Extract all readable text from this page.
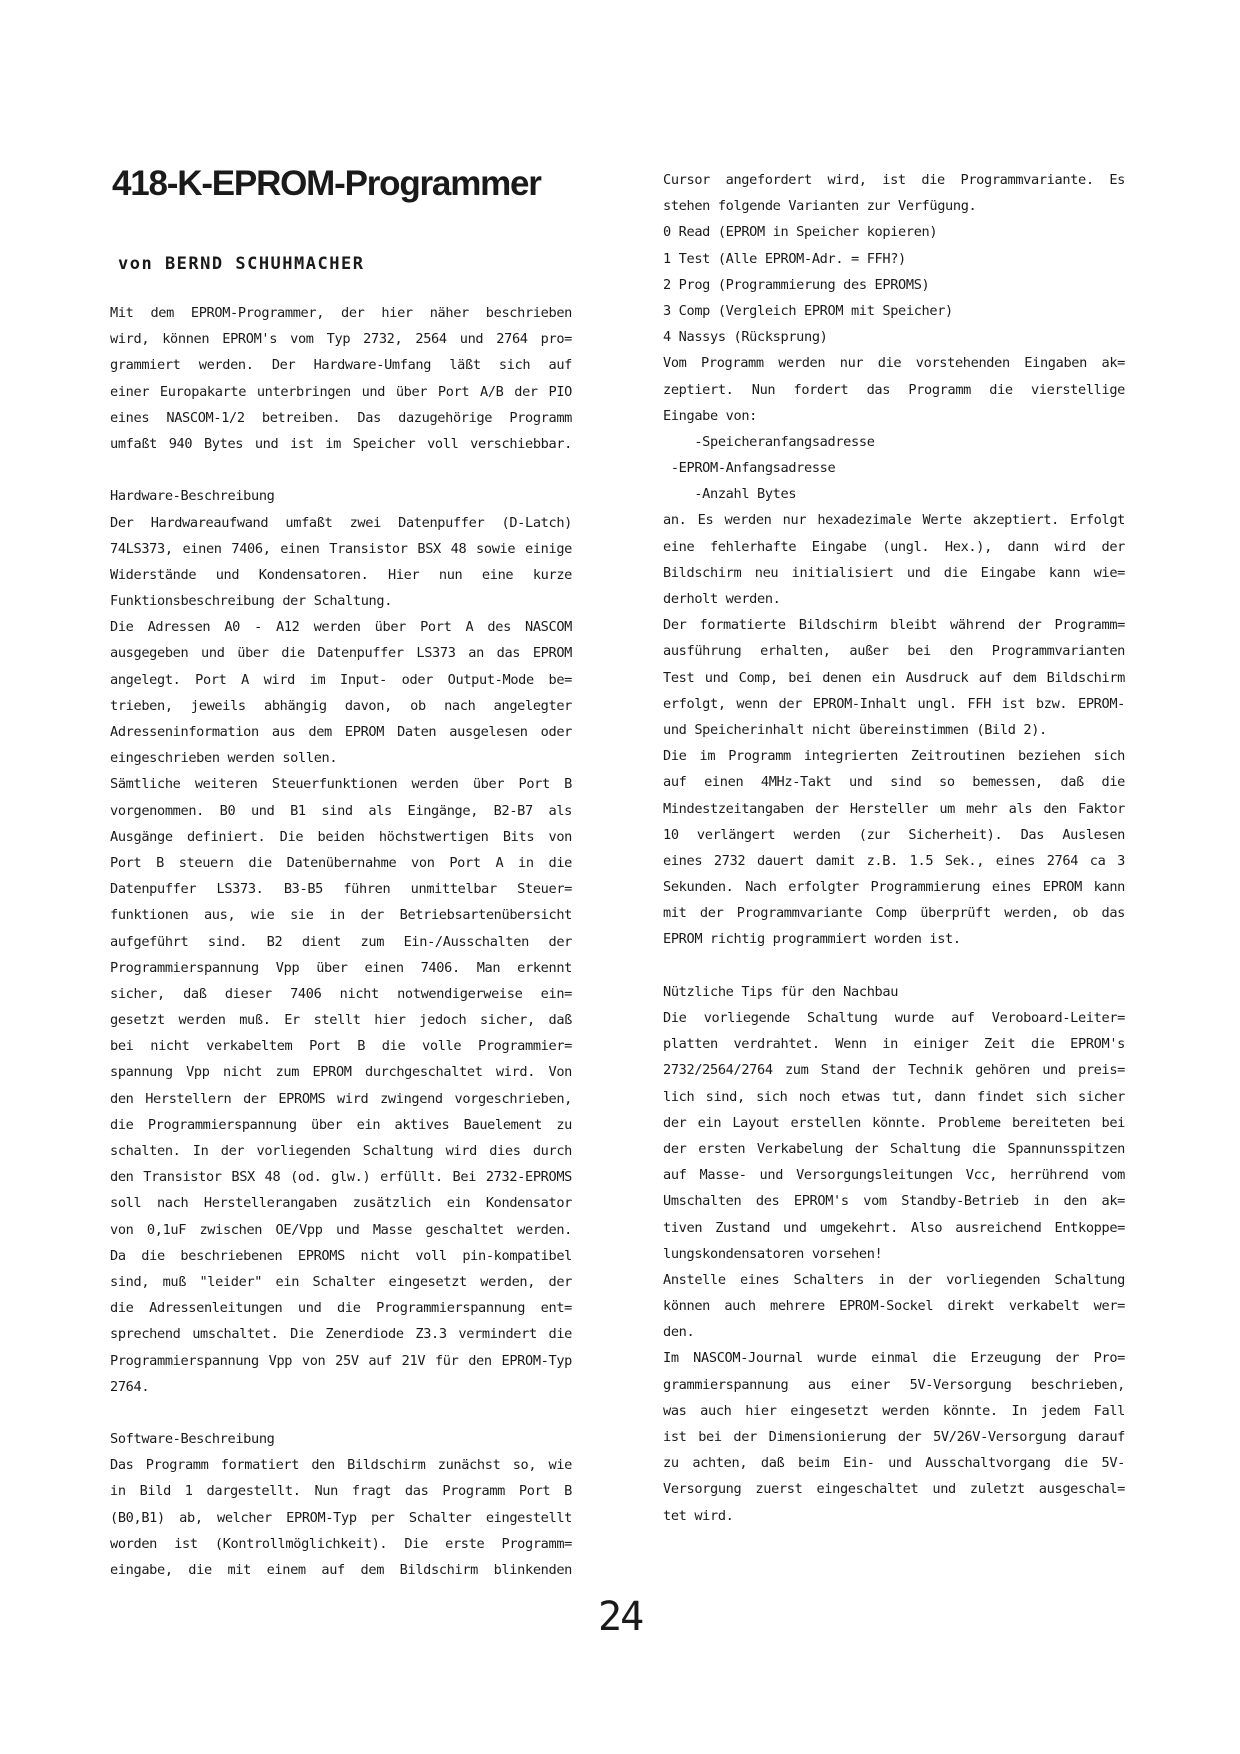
418-K-EPROM-Programmer

von BERND SCHUHMACHER

Mit dem EPROM-Programmer, der hier näher beschrieben
wird, können EPROM's vom Typ 2732, 2564 und 2764 pro=
grammiert werden. Der Hardware-Umfang läßt sich auf
einer Europakarte unterbringen und über Port A/B der PIO
eines NASCOM-1/2 betreiben. Das dazugehörige Programm
umfaßt 940 Bytes und ist im Speicher voll verschiebbar.
Hardware-Beschreibung
Der Hardwareaufwand umfaßt zwei Datenpuffer (D-Latch)
74LS373, einen 7406, einen Transistor BSX 48 sowie einige
Widerstände und Kondensatoren. Hier nun eine kurze
Funktionsbeschreibung der Schaltung.
Die Adressen A0 - A12 werden über Port A des NASCOM
ausgegeben und über die Datenpuffer LS373 an das EPROM
angelegt. Port A wird im Input- oder Output-Mode be=
trieben, jeweils abhängig davon, ob nach angelegter
Adresseninformation aus dem EPROM Daten ausgelesen oder
eingeschrieben werden sollen.
Sämtliche weiteren Steuerfunktionen werden über Port B
vorgenommen. B0 und B1 sind als Eingänge, B2-B7 als
Ausgänge definiert. Die beiden höchstwertigen Bits von
Port B steuern die Datenübernahme von Port A in die
Datenpuffer LS373. B3-B5 führen unmittelbar Steuer=
funktionen aus, wie sie in der Betriebsartenübersicht
aufgeführt sind. B2 dient zum Ein-/Ausschalten der
Programmierspannung Vpp über einen 7406. Man erkennt
sicher, daß dieser 7406 nicht notwendigerweise ein=
gesetzt werden muß. Er stellt hier jedoch sicher, daß
bei nicht verkabeltem Port B die volle Programmier=
spannung Vpp nicht zum EPROM durchgeschaltet wird. Von
den Herstellern der EPROMS wird zwingend vorgeschrieben,
die Programmierspannung über ein aktives Bauelement zu
schalten. In der vorliegenden Schaltung wird dies durch
den Transistor BSX 48 (od. glw.) erfüllt. Bei 2732-EPROMS
soll nach Herstellerangaben zusätzlich ein Kondensator
von 0,1uF zwischen OE/Vpp und Masse geschaltet werden.
Da die beschriebenen EPROMS nicht voll pin-kompatibel
sind, muß "leider" ein Schalter eingesetzt werden, der
die Adressenleitungen und die Programmierspannung ent=
sprechend umschaltet. Die Zenerdiode Z3.3 vermindert die
Programmierspannung Vpp von 25V auf 21V für den EPROM-Typ
2764.
Software-Beschreibung
Das Programm formatiert den Bildschirm zunächst so, wie
in Bild 1 dargestellt. Nun fragt das Programm Port B
(B0,B1) ab, welcher EPROM-Typ per Schalter eingestellt
worden ist (Kontrollmöglichkeit). Die erste Programm=
eingabe, die mit einem auf dem Bildschirm blinkenden
Cursor angefordert wird, ist die Programmvariante. Es
stehen folgende Varianten zur Verfügung.
0 Read (EPROM in Speicher kopieren)
1 Test (Alle EPROM-Adr. = FFH?)
2 Prog (Programmierung des EPROMS)
3 Comp (Vergleich EPROM mit Speicher)
4 Nassys (Rücksprung)
Vom Programm werden nur die vorstehenden Eingaben ak=
zeptiert. Nun fordert das Programm die vierstellige
Eingabe von:
-Speicheranfangsadresse
-EPROM-Anfangsadresse
-Anzahl Bytes
an. Es werden nur hexadezimale Werte akzeptiert. Erfolgt
eine fehlerhafte Eingabe (ungl. Hex.), dann wird der
Bildschirm neu initialisiert und die Eingabe kann wie=
derholt werden.
Der formatierte Bildschirm bleibt während der Programm=
ausführung erhalten, außer bei den Programmvarianten
Test und Comp, bei denen ein Ausdruck auf dem Bildschirm
erfolgt, wenn der EPROM-Inhalt ungl. FFH ist bzw. EPROM-
und Speicherinhalt nicht übereinstimmen (Bild 2).
Die im Programm integrierten Zeitroutinen beziehen sich
auf einen 4MHz-Takt und sind so bemessen, daß die
Mindestzeitangaben der Hersteller um mehr als den Faktor
10 verlängert werden (zur Sicherheit). Das Auslesen
eines 2732 dauert damit z.B. 1.5 Sek., eines 2764 ca 3
Sekunden. Nach erfolgter Programmierung eines EPROM kann
mit der Programmvariante Comp überprüft werden, ob das
EPROM richtig programmiert worden ist.
Nützliche Tips für den Nachbau
Die vorliegende Schaltung wurde auf Veroboard-Leiter=
platten verdrahtet. Wenn in einiger Zeit die EPROM's
2732/2564/2764 zum Stand der Technik gehören und preis=
lich sind, sich noch etwas tut, dann findet sich sicher
der ein Layout erstellen könnte. Probleme bereiteten bei
der ersten Verkabelung der Schaltung die Spannunsspitzen
auf Masse- und Versorgungsleitungen Vcc, herrührend vom
Umschalten des EPROM's vom Standby-Betrieb in den ak=
tiven Zustand und umgekehrt. Also ausreichend Entkoppe=
lungskondensatoren vorsehen!
Anstelle eines Schalters in der vorliegenden Schaltung
können auch mehrere EPROM-Sockel direkt verkabelt wer=
den.
Im NASCOM-Journal wurde einmal die Erzeugung der Pro=
grammierspannung aus einer 5V-Versorgung beschrieben,
was auch hier eingesetzt werden könnte. In jedem Fall
ist bei der Dimensionierung der 5V/26V-Versorgung darauf
zu achten, daß beim Ein- und Ausschaltvorgang die 5V-
Versorgung zuerst eingeschaltet und zuletzt ausgeschal=
tet wird.

24
